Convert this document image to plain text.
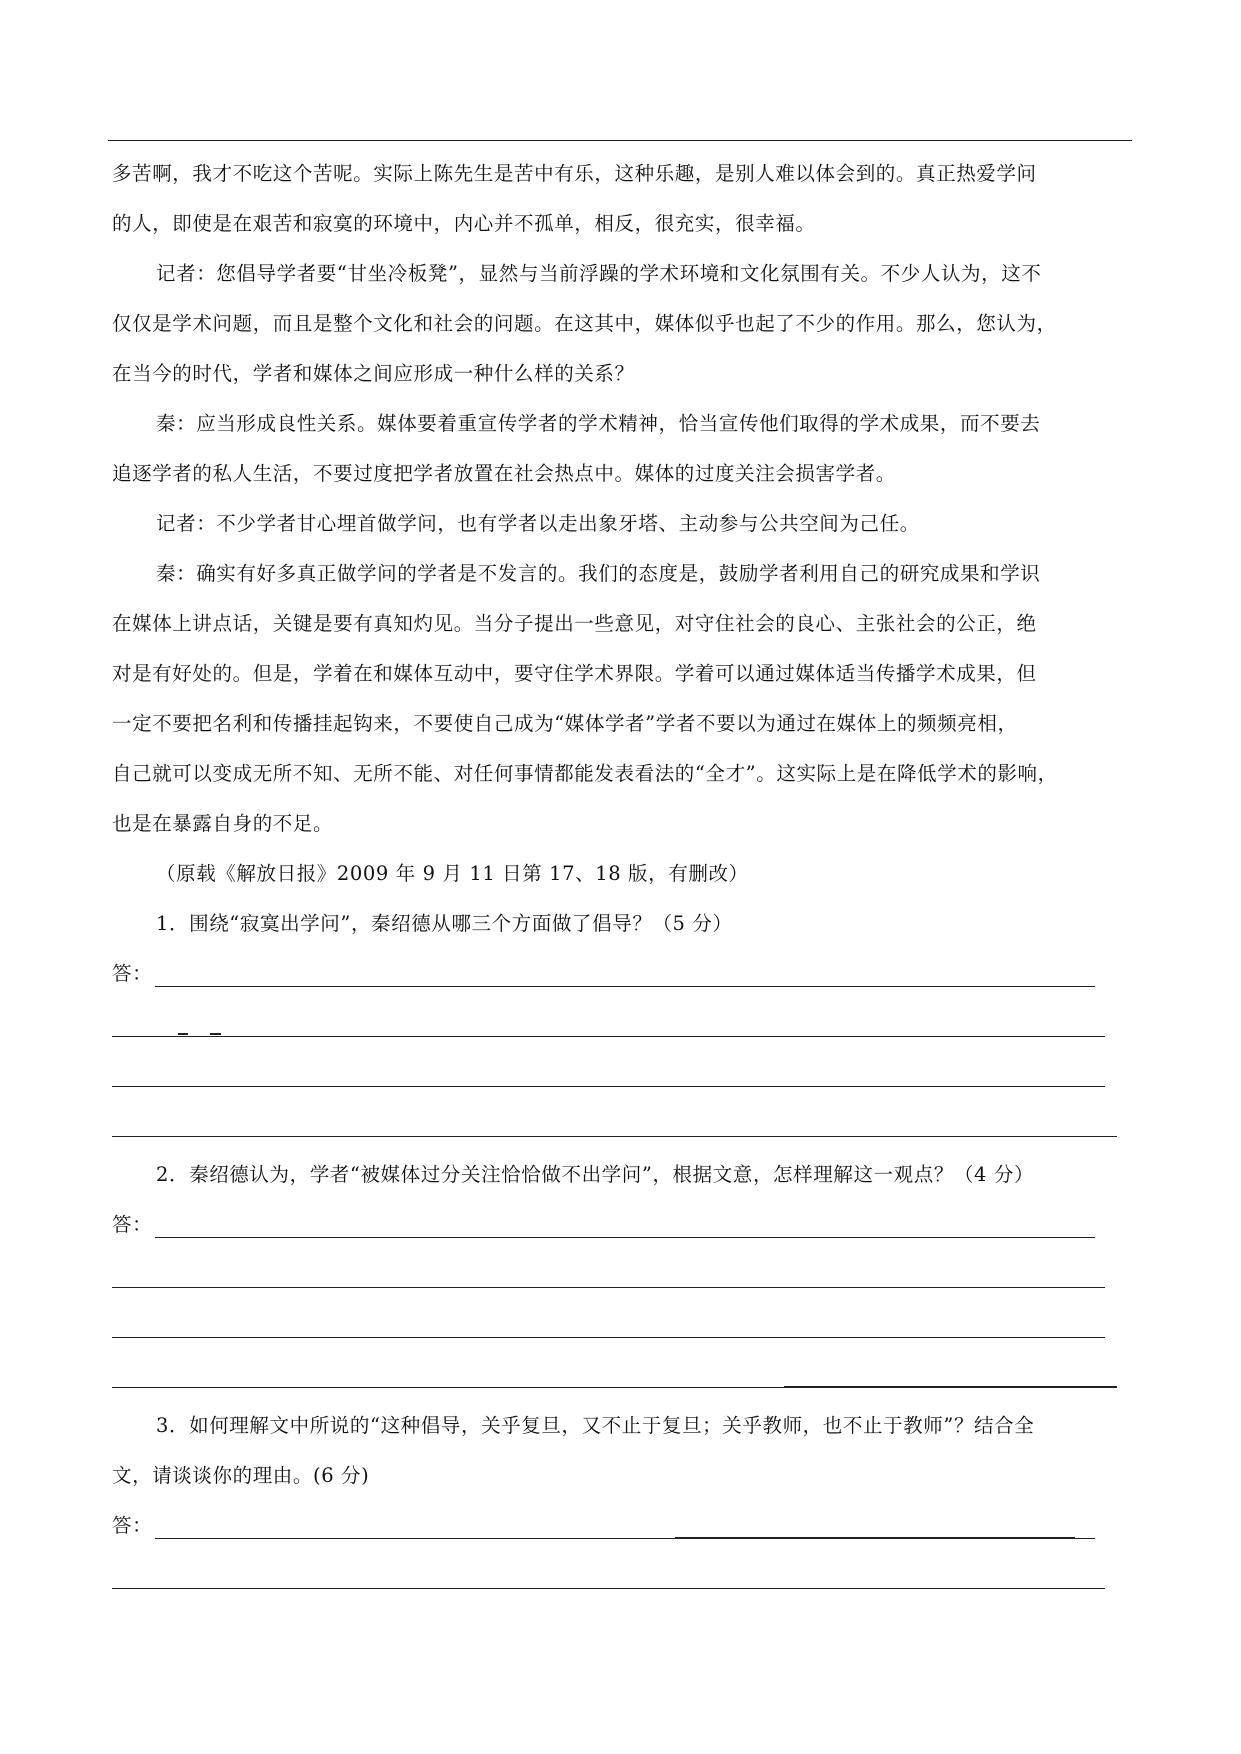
多苦啊，我才不吃这个苦呢。实际上陈先生是苦中有乐，这种乐趣，是别人难以体会到的。真正热爱学问
的人，即使是在艰苦和寂寞的环境中，内心并不孤单，相反，很充实，很幸福。
记者：您倡导学者要“甘坐冷板凳”，显然与当前浮躁的学术环境和文化氛围有关。不少人认为，这不
仅仅是学术问题，而且是整个文化和社会的问题。在这其中，媒体似乎也起了不少的作用。那么，您认为，
在当今的时代，学者和媒体之间应形成一种什么样的关系？
秦：应当形成良性关系。媒体要着重宣传学者的学术精神，恰当宣传他们取得的学术成果，而不要去
追逐学者的私人生活，不要过度把学者放置在社会热点中。媒体的过度关注会损害学者。
记者：不少学者甘心埋首做学问，也有学者以走出象牙塔、主动参与公共空间为己任。
秦：确实有好多真正做学问的学者是不发言的。我们的态度是，鼓励学者利用自己的研究成果和学识
在媒体上讲点话，关键是要有真知灼见。当分子提出一些意见，对守住社会的良心、主张社会的公正，绝
对是有好处的。但是，学着在和媒体互动中，要守住学术界限。学着可以通过媒体适当传播学术成果，但
一定不要把名利和传播挂起钩来，不要使自己成为“媒体学者”学者不要以为通过在媒体上的频频亮相，
自己就可以变成无所不知、无所不能、对任何事情都能发表看法的“全才”。这实际上是在降低学术的影响，
也是在暴露自身的不足。
（原载《解放日报》2009 年 9 月 11 日第 17、18 版，有删改）
1．围绕“寂寞出学问”，秦绍德从哪三个方面做了倡导？（5 分）
答：
2．秦绍德认为，学者“被媒体过分关注恰恰做不出学问”，根据文意，怎样理解这一观点？（4 分）
答：
3．如何理解文中所说的“这种倡导，关乎复旦，又不止于复旦；关乎教师，也不止于教师”？结合全
文，请谈谈你的理由。(6 分)
答：
